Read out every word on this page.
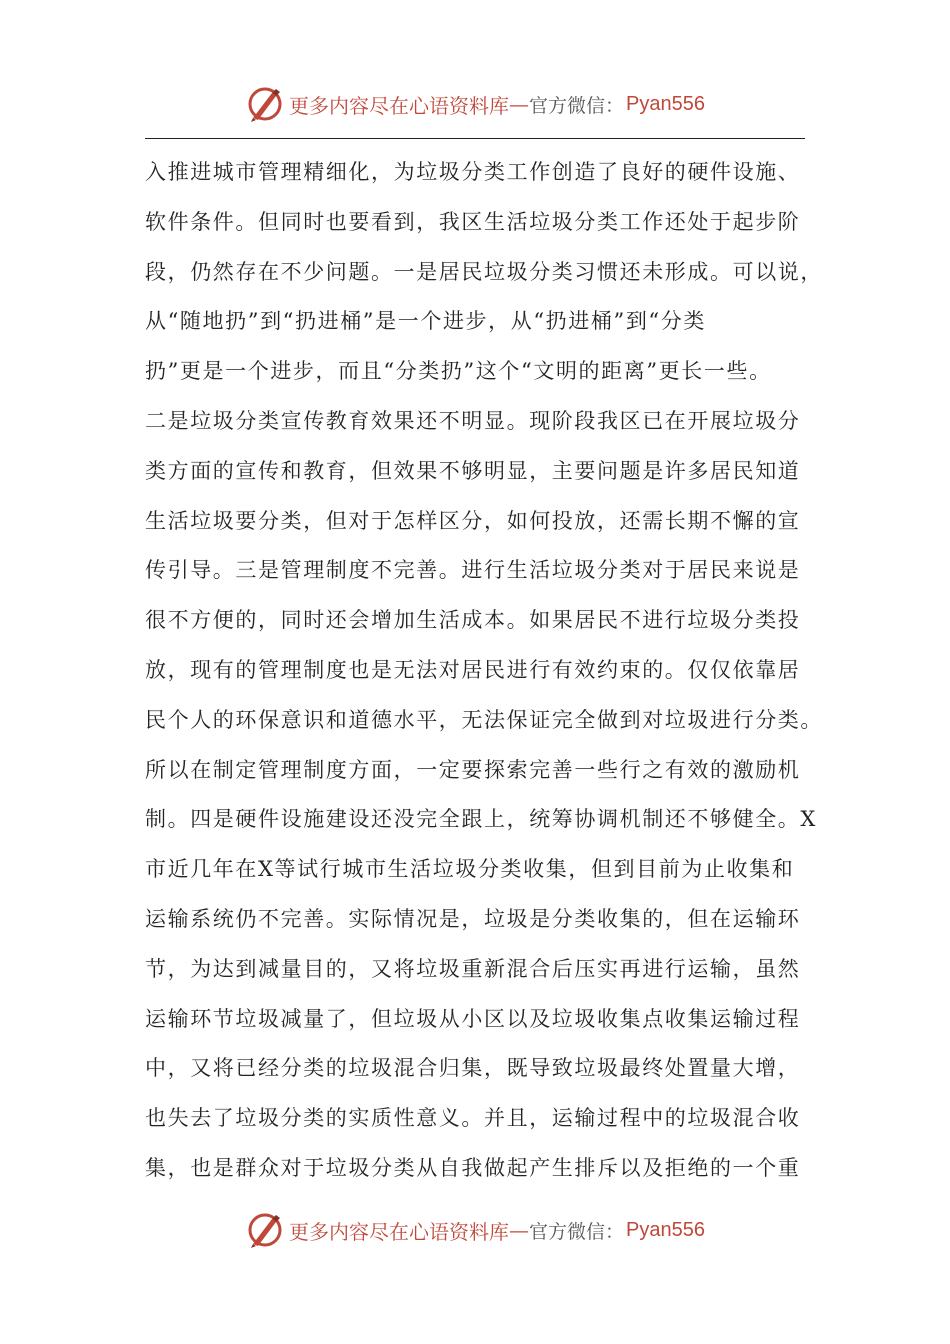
更多内容尽在心语资料库 — 官方微信： Pyan556
入推进城市管理精细化，为垃圾分类工作创造了良好的硬件设施、
软件条件。但同时也要看到，我区生活垃圾分类工作还处于起步阶
段，仍然存在不少问题。一是居民垃圾分类习惯还未形成。可以说，
从“随地扔”到“扔进桶”是一个进步，从“扔进桶”到“分类
扔”更是一个进步，而且“分类扔”这个“文明的距离”更长一些。
二是垃圾分类宣传教育效果还不明显。现阶段我区已在开展垃圾分
类方面的宣传和教育，但效果不够明显，主要问题是许多居民知道
生活垃圾要分类，但对于怎样区分，如何投放，还需长期不懈的宣
传引导。三是管理制度不完善。进行生活垃圾分类对于居民来说是
很不方便的，同时还会增加生活成本。如果居民不进行垃圾分类投
放，现有的管理制度也是无法对居民进行有效约束的。仅仅依靠居
民个人的环保意识和道德水平，无法保证完全做到对垃圾进行分类。
所以在制定管理制度方面，一定要探索完善一些行之有效的激励机
制。四是硬件设施建设还没完全跟上，统筹协调机制还不够健全。X
市近几年在X等试行城市生活垃圾分类收集，但到目前为止收集和
运输系统仍不完善。实际情况是，垃圾是分类收集的，但在运输环
节，为达到减量目的，又将垃圾重新混合后压实再进行运输，虽然
运输环节垃圾减量了，但垃圾从小区以及垃圾收集点收集运输过程
中，又将已经分类的垃圾混合归集，既导致垃圾最终处置量大增，
也失去了垃圾分类的实质性意义。并且，运输过程中的垃圾混合收
集，也是群众对于垃圾分类从自我做起产生排斥以及拒绝的一个重
更多内容尽在心语资料库 — 官方微信： Pyan556
